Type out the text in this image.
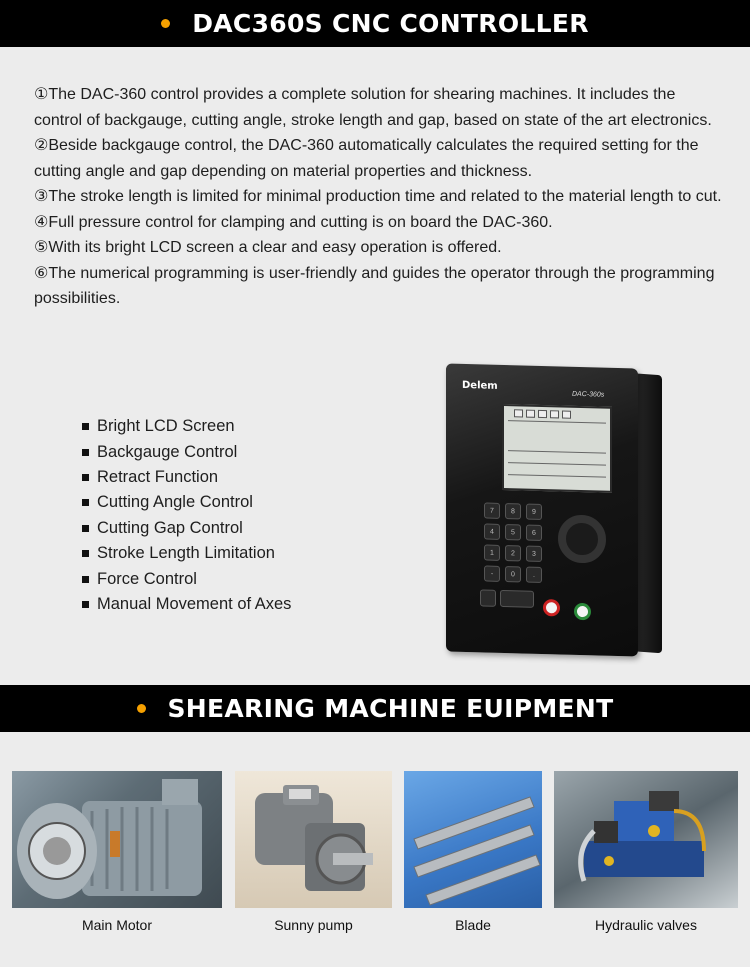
DAC360S CNC CONTROLLER

①The DAC-360 control provides a complete solution for shearing machines. It includes the control of backgauge, cutting angle, stroke length and gap, based on state of the art electronics.

②Beside backgauge control, the DAC-360 automatically calculates the required setting for the cutting angle and gap depending on material properties and thickness.

③The stroke length is limited for minimal production time and related to the material length to cut.

④Full pressure control for clamping and cutting is on board the DAC-360.

⑤With its bright LCD screen a clear and easy operation is offered.

⑥The numerical programming is user-friendly and guides the operator through the programming possibilities.

Bright LCD Screen
Backgauge Control
Retract Function
Cutting Angle Control
Cutting Gap Control
Stroke Length Limitation
Force Control
Manual Movement of Axes
Delem
DAC-360s
7	8	9
4	5	6
1	2	3
-	0	.
SHEARING MACHINE EUIPMENT
Main Motor	Sunny pump	Blade	Hydraulic valves
